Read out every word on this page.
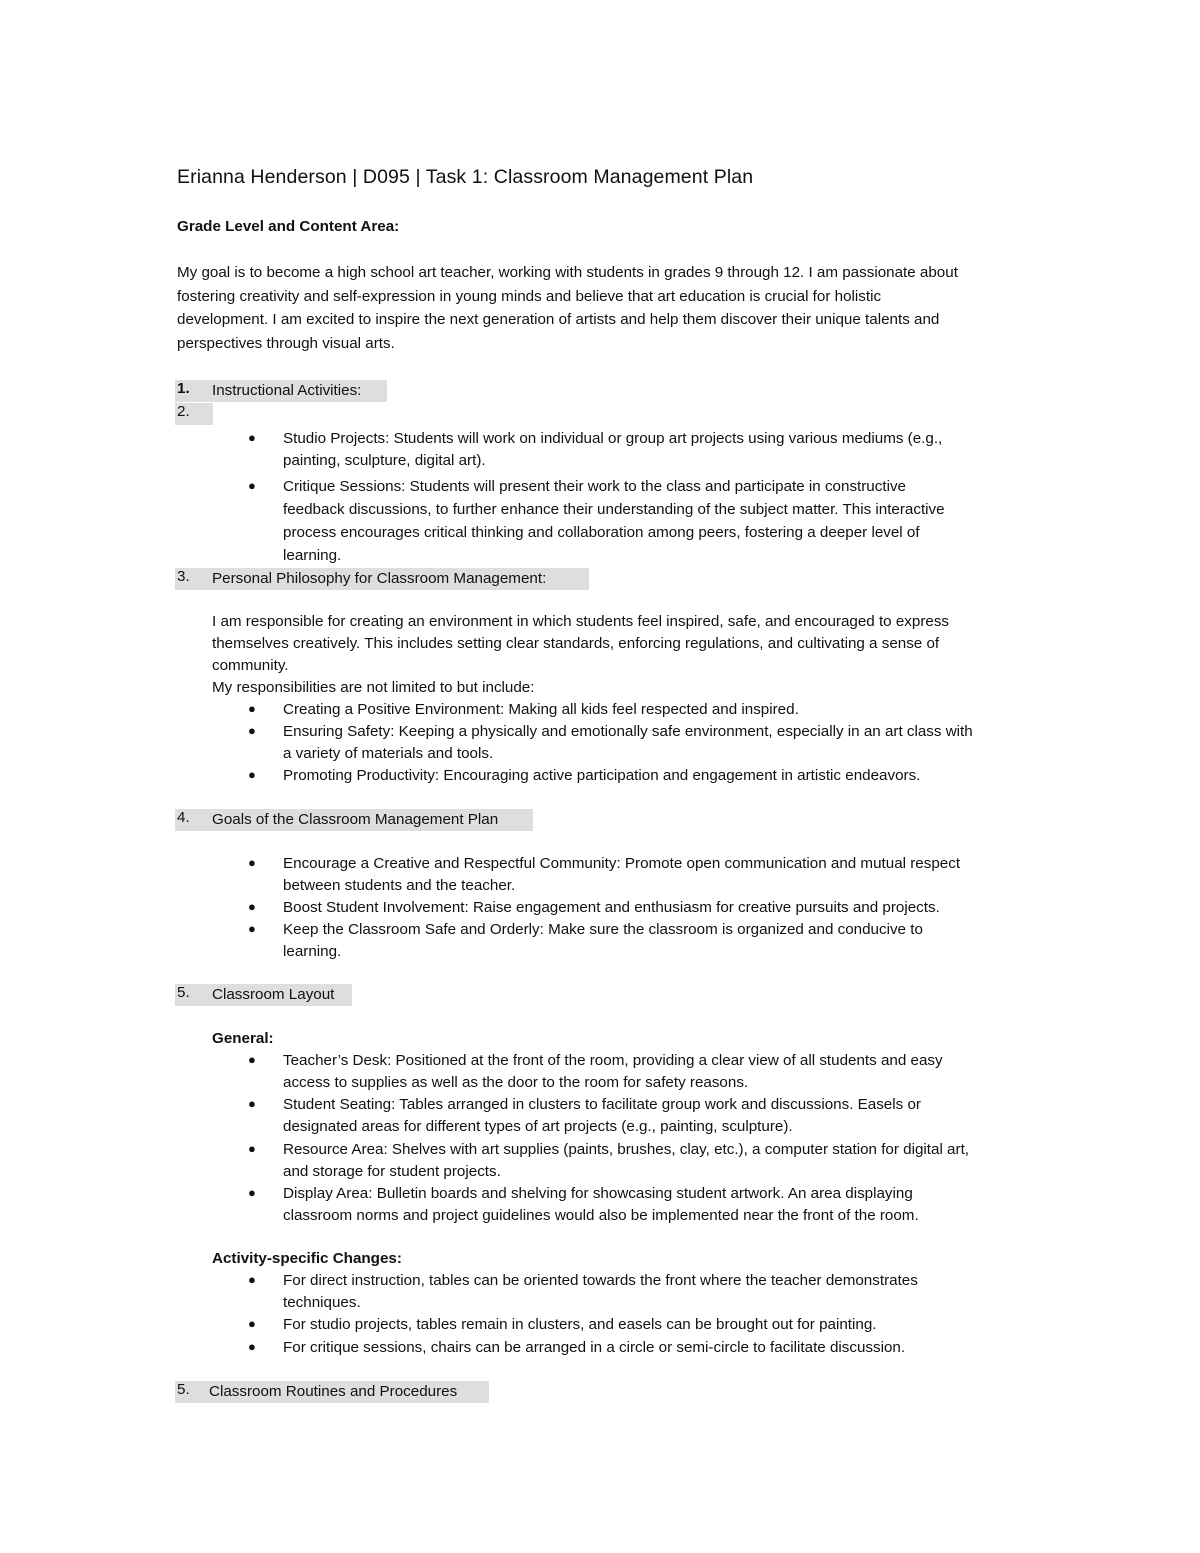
Erianna Henderson | D095 | Task 1: Classroom Management Plan
Grade Level and Content Area:
My goal is to become a high school art teacher, working with students in grades 9 through 12. I am passionate about
fostering creativity and self-expression in young minds and believe that art education is crucial for holistic
development. I am excited to inspire the next generation of artists and help them discover their unique talents and
perspectives through visual arts.
1. Instructional Activities:
2.
● Studio Projects: Students will work on individual or group art projects using various mediums (e.g.,
painting, sculpture, digital art).
● Critique Sessions: Students will present their work to the class and participate in constructive
feedback discussions, to further enhance their understanding of the subject matter. This interactive
process encourages critical thinking and collaboration among peers, fostering a deeper level of
learning.
3. Personal Philosophy for Classroom Management:
I am responsible for creating an environment in which students feel inspired, safe, and encouraged to express
themselves creatively. This includes setting clear standards, enforcing regulations, and cultivating a sense of
community.
My responsibilities are not limited to but include:
● Creating a Positive Environment: Making all kids feel respected and inspired.
● Ensuring Safety: Keeping a physically and emotionally safe environment, especially in an art class with
a variety of materials and tools.
● Promoting Productivity: Encouraging active participation and engagement in artistic endeavors.
4. Goals of the Classroom Management Plan
● Encourage a Creative and Respectful Community: Promote open communication and mutual respect
between students and the teacher.
● Boost Student Involvement: Raise engagement and enthusiasm for creative pursuits and projects.
● Keep the Classroom Safe and Orderly: Make sure the classroom is organized and conducive to
learning.
5. Classroom Layout
General:
● Teacher’s Desk: Positioned at the front of the room, providing a clear view of all students and easy
access to supplies as well as the door to the room for safety reasons.
● Student Seating: Tables arranged in clusters to facilitate group work and discussions. Easels or
designated areas for different types of art projects (e.g., painting, sculpture).
● Resource Area: Shelves with art supplies (paints, brushes, clay, etc.), a computer station for digital art,
and storage for student projects.
● Display Area: Bulletin boards and shelving for showcasing student artwork. An area displaying
classroom norms and project guidelines would also be implemented near the front of the room.
Activity-specific Changes:
● For direct instruction, tables can be oriented towards the front where the teacher demonstrates
techniques.
● For studio projects, tables remain in clusters, and easels can be brought out for painting.
● For critique sessions, chairs can be arranged in a circle or semi-circle to facilitate discussion.
5. Classroom Routines and Procedures
